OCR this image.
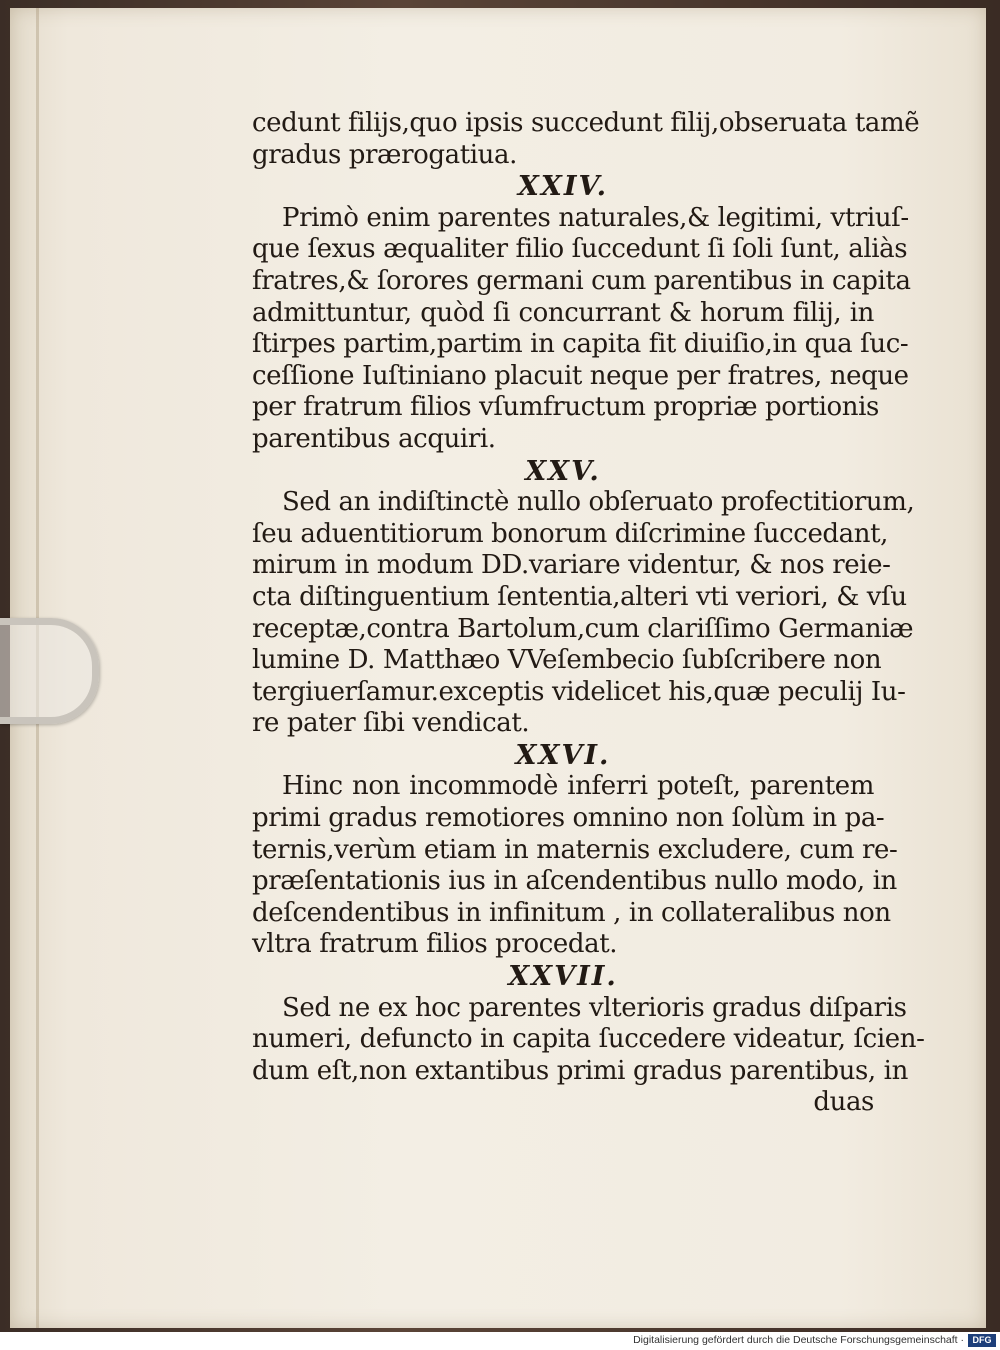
cedunt filijs,quo ipsis succedunt filij,obseruata tamẽ
gradus prærogatiua.
XXIV.
Primò enim parentes naturales,& legitimi, vtriuſ-
que ſexus æqualiter filio ſuccedunt ſi ſoli ſunt, aliàs
fratres,& ſorores germani cum parentibus in capita
admittuntur, quòd ſi concurrant & horum filij, in
ſtirpes partim,partim in capita fit diuiſio,in qua ſuc-
ceſſione Iuſtiniano placuit neque per fratres, neque
per fratrum filios vſumfructum propriæ portionis
parentibus acquiri.
XXV.
Sed an indiſtinctè nullo obſeruato profectitiorum,
ſeu aduentitiorum bonorum diſcrimine ſuccedant,
mirum in modum DD.variare videntur, & nos reie-
cta diſtinguentium ſententia,alteri vti veriori, & vſu
receptæ,contra Bartolum,cum clariſſimo Germaniæ
lumine D. Matthæo VVeſembecio ſubſcribere non
tergiuerſamur.exceptis videlicet his,quæ peculij Iu-
re pater ſibi vendicat.
XXVI.
Hinc non incommodè inferri poteſt, parentem
primi gradus remotiores omnino non ſolùm in pa-
ternis,verùm etiam in maternis excludere, cum re-
præſentationis ius in aſcendentibus nullo modo, in
deſcendentibus in infinitum , in collateralibus non
vltra fratrum filios procedat.
XXVII.
Sed ne ex hoc parentes vlterioris gradus diſparis
numeri, defuncto in capita ſuccedere videatur, ſcien-
dum eſt,non extantibus primi gradus parentibus, in
duas
Digitalisierung gefördert durch die Deutsche Forschungsgemeinschaft · DFG
